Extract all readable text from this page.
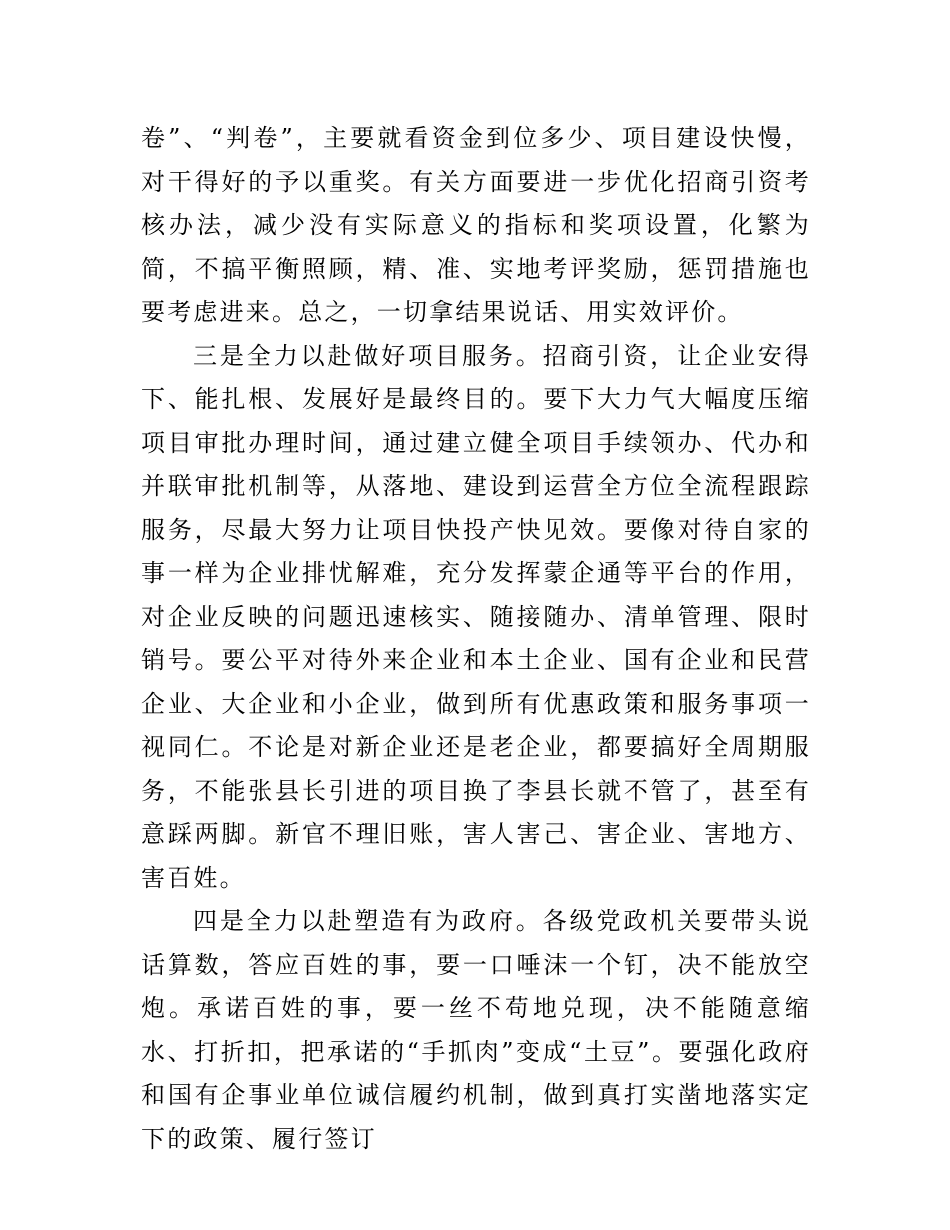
卷”、“判卷”，主要就看资金到位多少、项目建设快慢，对干得好的予以重奖。有关方面要进一步优化招商引资考核办法，减少没有实际意义的指标和奖项设置，化繁为简，不搞平衡照顾，精、准、实地考评奖励，惩罚措施也要考虑进来。总之，一切拿结果说话、用实效评价。

三是全力以赴做好项目服务。招商引资，让企业安得下、能扎根、发展好是最终目的。要下大力气大幅度压缩项目审批办理时间，通过建立健全项目手续领办、代办和并联审批机制等，从落地、建设到运营全方位全流程跟踪服务，尽最大努力让项目快投产快见效。要像对待自家的事一样为企业排忧解难，充分发挥蒙企通等平台的作用，对企业反映的问题迅速核实、随接随办、清单管理、限时销号。要公平对待外来企业和本土企业、国有企业和民营企业、大企业和小企业，做到所有优惠政策和服务事项一视同仁。不论是对新企业还是老企业，都要搞好全周期服务，不能张县长引进的项目换了李县长就不管了，甚至有意踩两脚。新官不理旧账，害人害己、害企业、害地方、害百姓。

四是全力以赴塑造有为政府。各级党政机关要带头说话算数，答应百姓的事，要一口唾沫一个钉，决不能放空炮。承诺百姓的事，要一丝不苟地兑现，决不能随意缩水、打折扣，把承诺的“手抓肉”变成“土豆”。要强化政府和国有企事业单位诚信履约机制，做到真打实凿地落实定下的政策、履行签订
